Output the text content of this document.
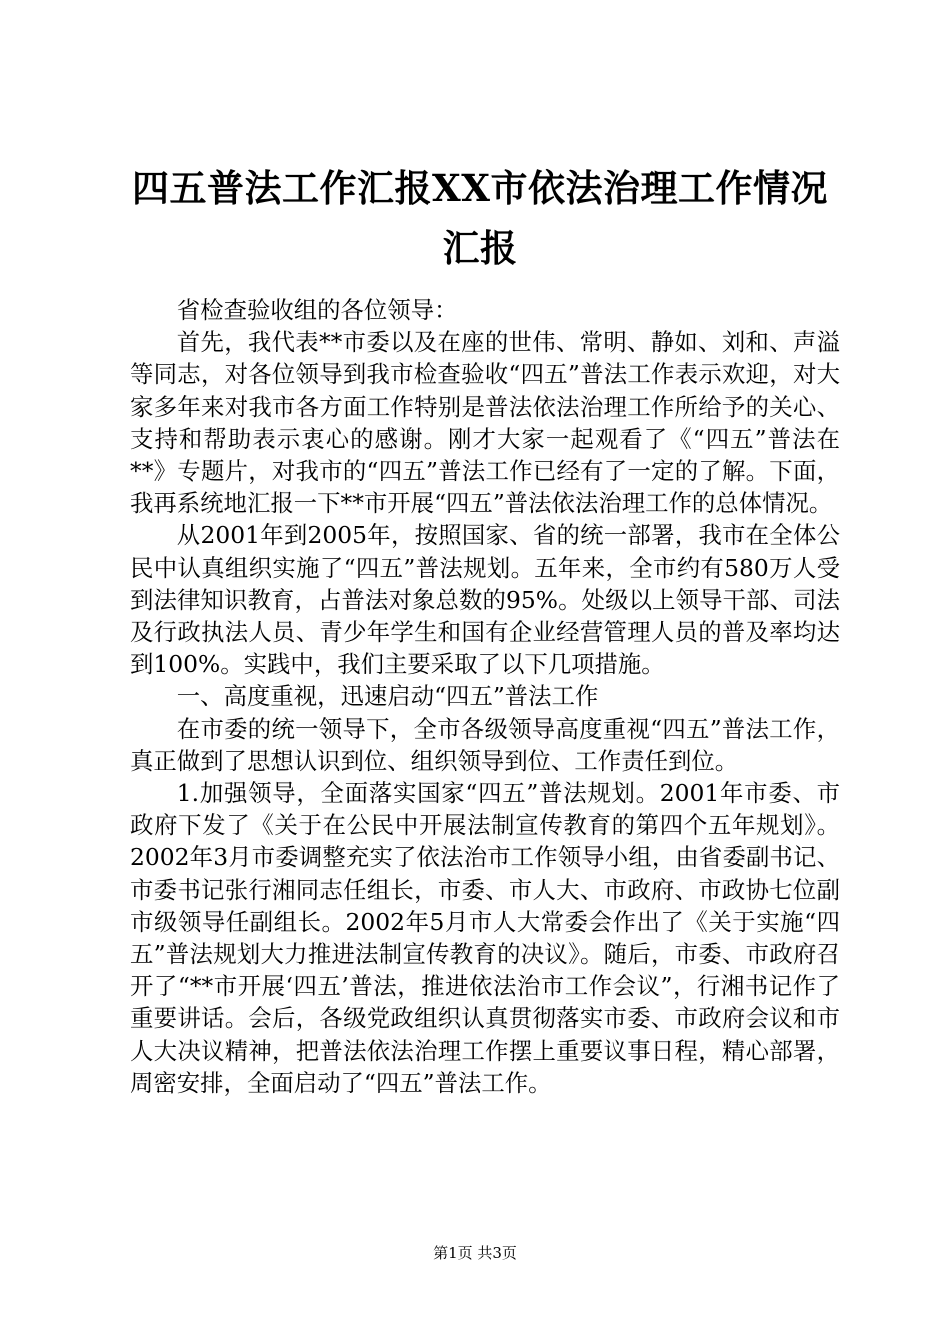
四五普法工作汇报XX市依法治理工作情况汇报

省检查验收组的各位领导：

首先，我代表**市委以及在座的世伟、常明、静如、刘和、声溢等同志，对各位领导到我市检查验收“四五”普法工作表示欢迎，对大家多年来对我市各方面工作特别是普法依法治理工作所给予的关心、支持和帮助表示衷心的感谢。刚才大家一起观看了《“四五”普法在**》专题片，对我市的“四五”普法工作已经有了一定的了解。下面，我再系统地汇报一下**市开展“四五”普法依法治理工作的总体情况。

从2001年到2005年，按照国家、省的统一部署，我市在全体公民中认真组织实施了“四五”普法规划。五年来，全市约有580万人受到法律知识教育，占普法对象总数的95%。处级以上领导干部、司法及行政执法人员、青少年学生和国有企业经营管理人员的普及率均达到100%。实践中，我们主要采取了以下几项措施。

一、高度重视，迅速启动“四五”普法工作

在市委的统一领导下，全市各级领导高度重视“四五”普法工作，真正做到了思想认识到位、组织领导到位、工作责任到位。

1.加强领导，全面落实国家“四五”普法规划。2001年市委、市政府下发了《关于在公民中开展法制宣传教育的第四个五年规划》。2002年3月市委调整充实了依法治市工作领导小组，由省委副书记、市委书记张行湘同志任组长，市委、市人大、市政府、市政协七位副市级领导任副组长。2002年5月市人大常委会作出了《关于实施“四五”普法规划大力推进法制宣传教育的决议》。随后，市委、市政府召开了“**市开展‘四五’普法，推进依法治市工作会议”，行湘书记作了重要讲话。会后，各级党政组织认真贯彻落实市委、市政府会议和市人大决议精神，把普法依法治理工作摆上重要议事日程，精心部署，周密安排，全面启动了“四五”普法工作。

第1页 共3页
